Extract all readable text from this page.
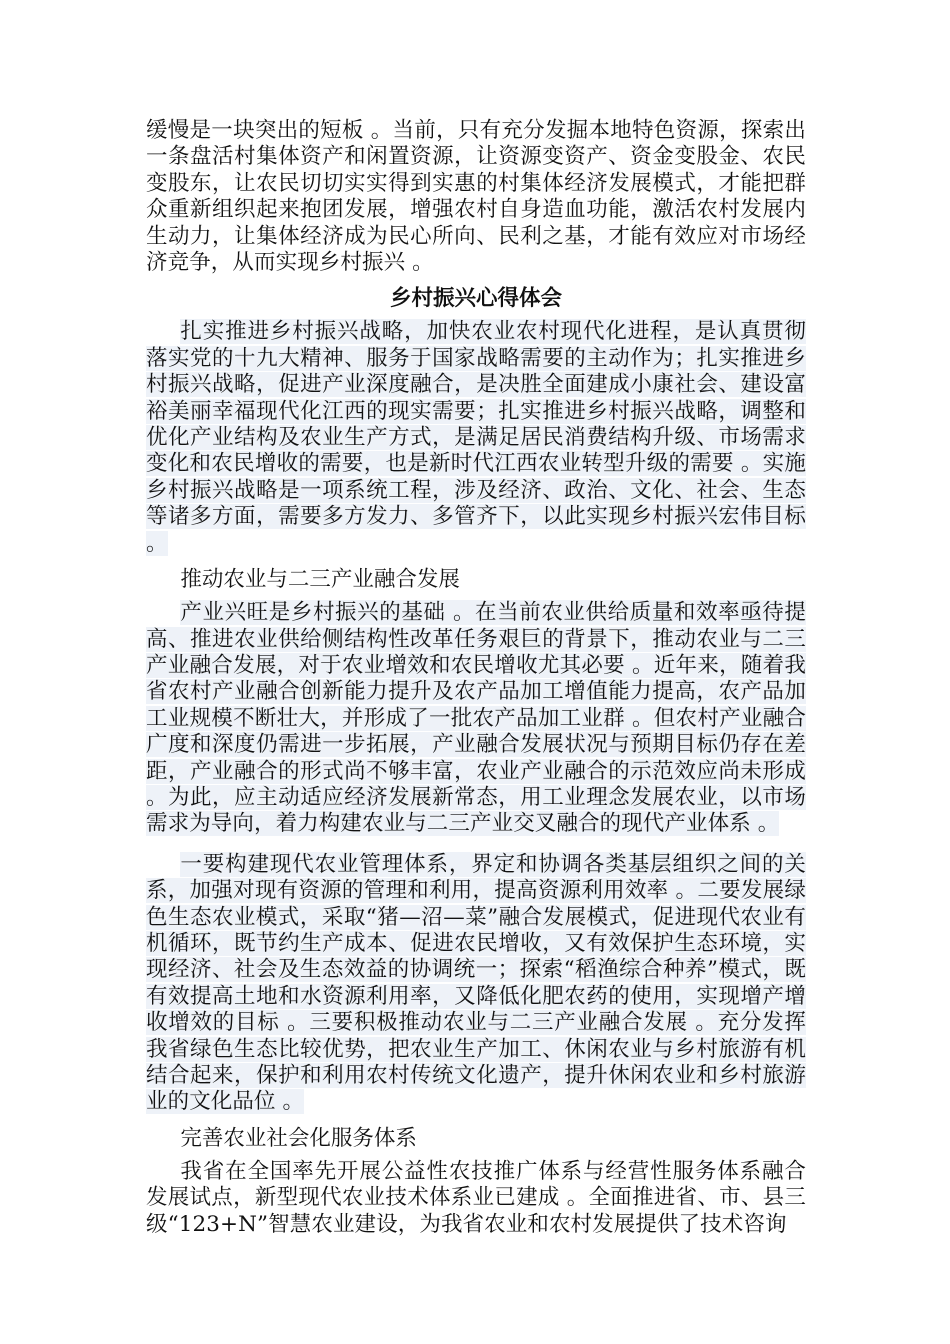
缓慢是一块突出的短板 。当前，只有充分发掘本地特色资源，探索出一条盘活村集体资产和闲置资源，让资源变资产、资金变股金、农民变股东，让农民切切实实得到实惠的村集体经济发展模式，才能把群众重新组织起来抱团发展，增强农村自身造血功能，激活农村发展内生动力，让集体经济成为民心所向、民利之基，才能有效应对市场经济竞争，从而实现乡村振兴 。

乡村振兴心得体会

扎实推进乡村振兴战略，加快农业农村现代化进程，是认真贯彻落实党的十九大精神、服务于国家战略需要的主动作为；扎实推进乡村振兴战略，促进产业深度融合，是决胜全面建成小康社会、建设富裕美丽幸福现代化江西的现实需要；扎实推进乡村振兴战略，调整和优化产业结构及农业生产方式，是满足居民消费结构升级、市场需求变化和农民增收的需要，也是新时代江西农业转型升级的需要 。实施乡村振兴战略是一项系统工程，涉及经济、政治、文化、社会、生态等诸多方面，需要多方发力、多管齐下，以此实现乡村振兴宏伟目标 。

推动农业与二三产业融合发展

产业兴旺是乡村振兴的基础 。在当前农业供给质量和效率亟待提高、推进农业供给侧结构性改革任务艰巨的背景下，推动农业与二三产业融合发展，对于农业增效和农民增收尤其必要 。近年来，随着我省农村产业融合创新能力提升及农产品加工增值能力提高，农产品加工业规模不断壮大，并形成了一批农产品加工业群 。但农村产业融合广度和深度仍需进一步拓展，产业融合发展状况与预期目标仍存在差距，产业融合的形式尚不够丰富，农业产业融合的示范效应尚未形成 。为此，应主动适应经济发展新常态，用工业理念发展农业，以市场需求为导向，着力构建农业与二三产业交叉融合的现代产业体系 。

一要构建现代农业管理体系，界定和协调各类基层组织之间的关系，加强对现有资源的管理和利用，提高资源利用效率 。二要发展绿色生态农业模式，采取“猪—沼—菜”融合发展模式，促进现代农业有机循环，既节约生产成本、促进农民增收，又有效保护生态环境，实现经济、社会及生态效益的协调统一；探索“稻渔综合种养”模式，既有效提高土地和水资源利用率，又降低化肥农药的使用，实现增产增收增效的目标 。三要积极推动农业与二三产业融合发展 。充分发挥我省绿色生态比较优势，把农业生产加工、休闲农业与乡村旅游有机结合起来，保护和利用农村传统文化遗产，提升休闲农业和乡村旅游业的文化品位 。

完善农业社会化服务体系

我省在全国率先开展公益性农技推广体系与经营性服务体系融合发展试点，新型现代农业技术体系业已建成 。全面推进省、市、县三级“123+N”智慧农业建设，为我省农业和农村发展提供了技术咨询
